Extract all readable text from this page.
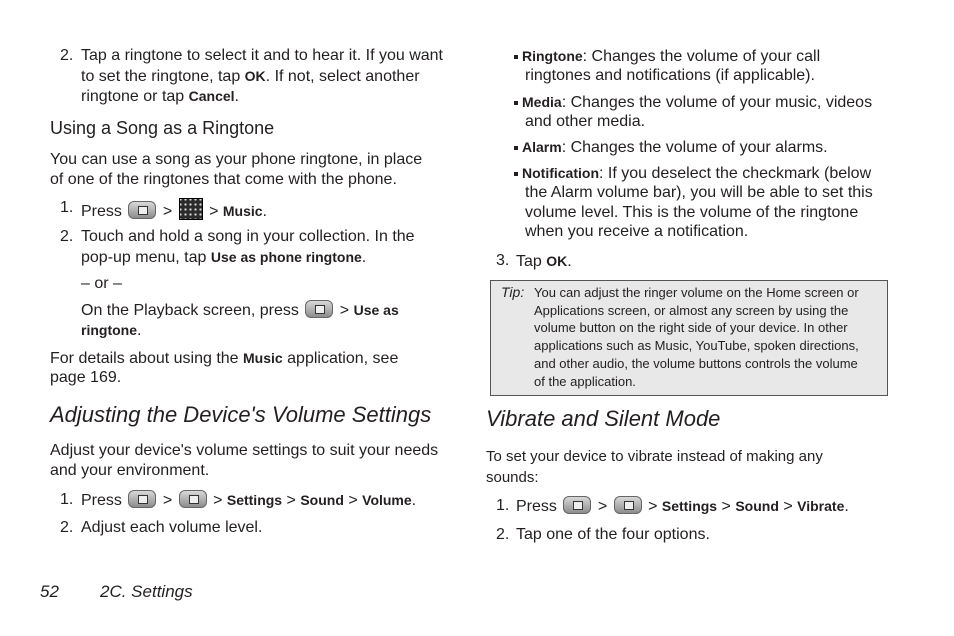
2. Tap a ringtone to select it and to hear it. If you want
to set the ringtone, tap OK. If not, select another
ringtone or tap Cancel.
Using a Song as a Ringtone
You can use a song as your phone ringtone, in place
of one of the ringtones that come with the phone.
1. Press	> > Music.
2. Touch and hold a song in your collection. In the
pop-up menu, tap Use as phone ringtone.
– or –
On the Playback screen, press	> Use as
ringtone.
For details about using the Music application, see
page 169.
Adjusting the Device's Volume Settings
Adjust your device's volume settings to suit your needs
and your environment.
1. Press	>	> Settings > Sound > Volume.
2. Adjust each volume level.
Ringtone: Changes the volume of your call
ringtones and notifications (if applicable).
Media: Changes the volume of your music, videos
and other media.
Alarm: Changes the volume of your alarms.
Notification: If you deselect the checkmark (below
the Alarm volume bar), you will be able to set this
volume level. This is the volume of the ringtone
when you receive a notification.
3. Tap OK.
Tip: You can adjust the ringer volume on the Home screen or
Applications screen, or almost any screen by using the
volume button on the right side of your device. In other
applications such as Music, YouTube, spoken directions,
and other audio, the volume buttons controls the volume
of the application.
Vibrate and Silent Mode
To set your device to vibrate instead of making any
sounds:
1. Press	>	> Settings > Sound > Vibrate.
2. Tap one of the four options.
52 2C. Settings
